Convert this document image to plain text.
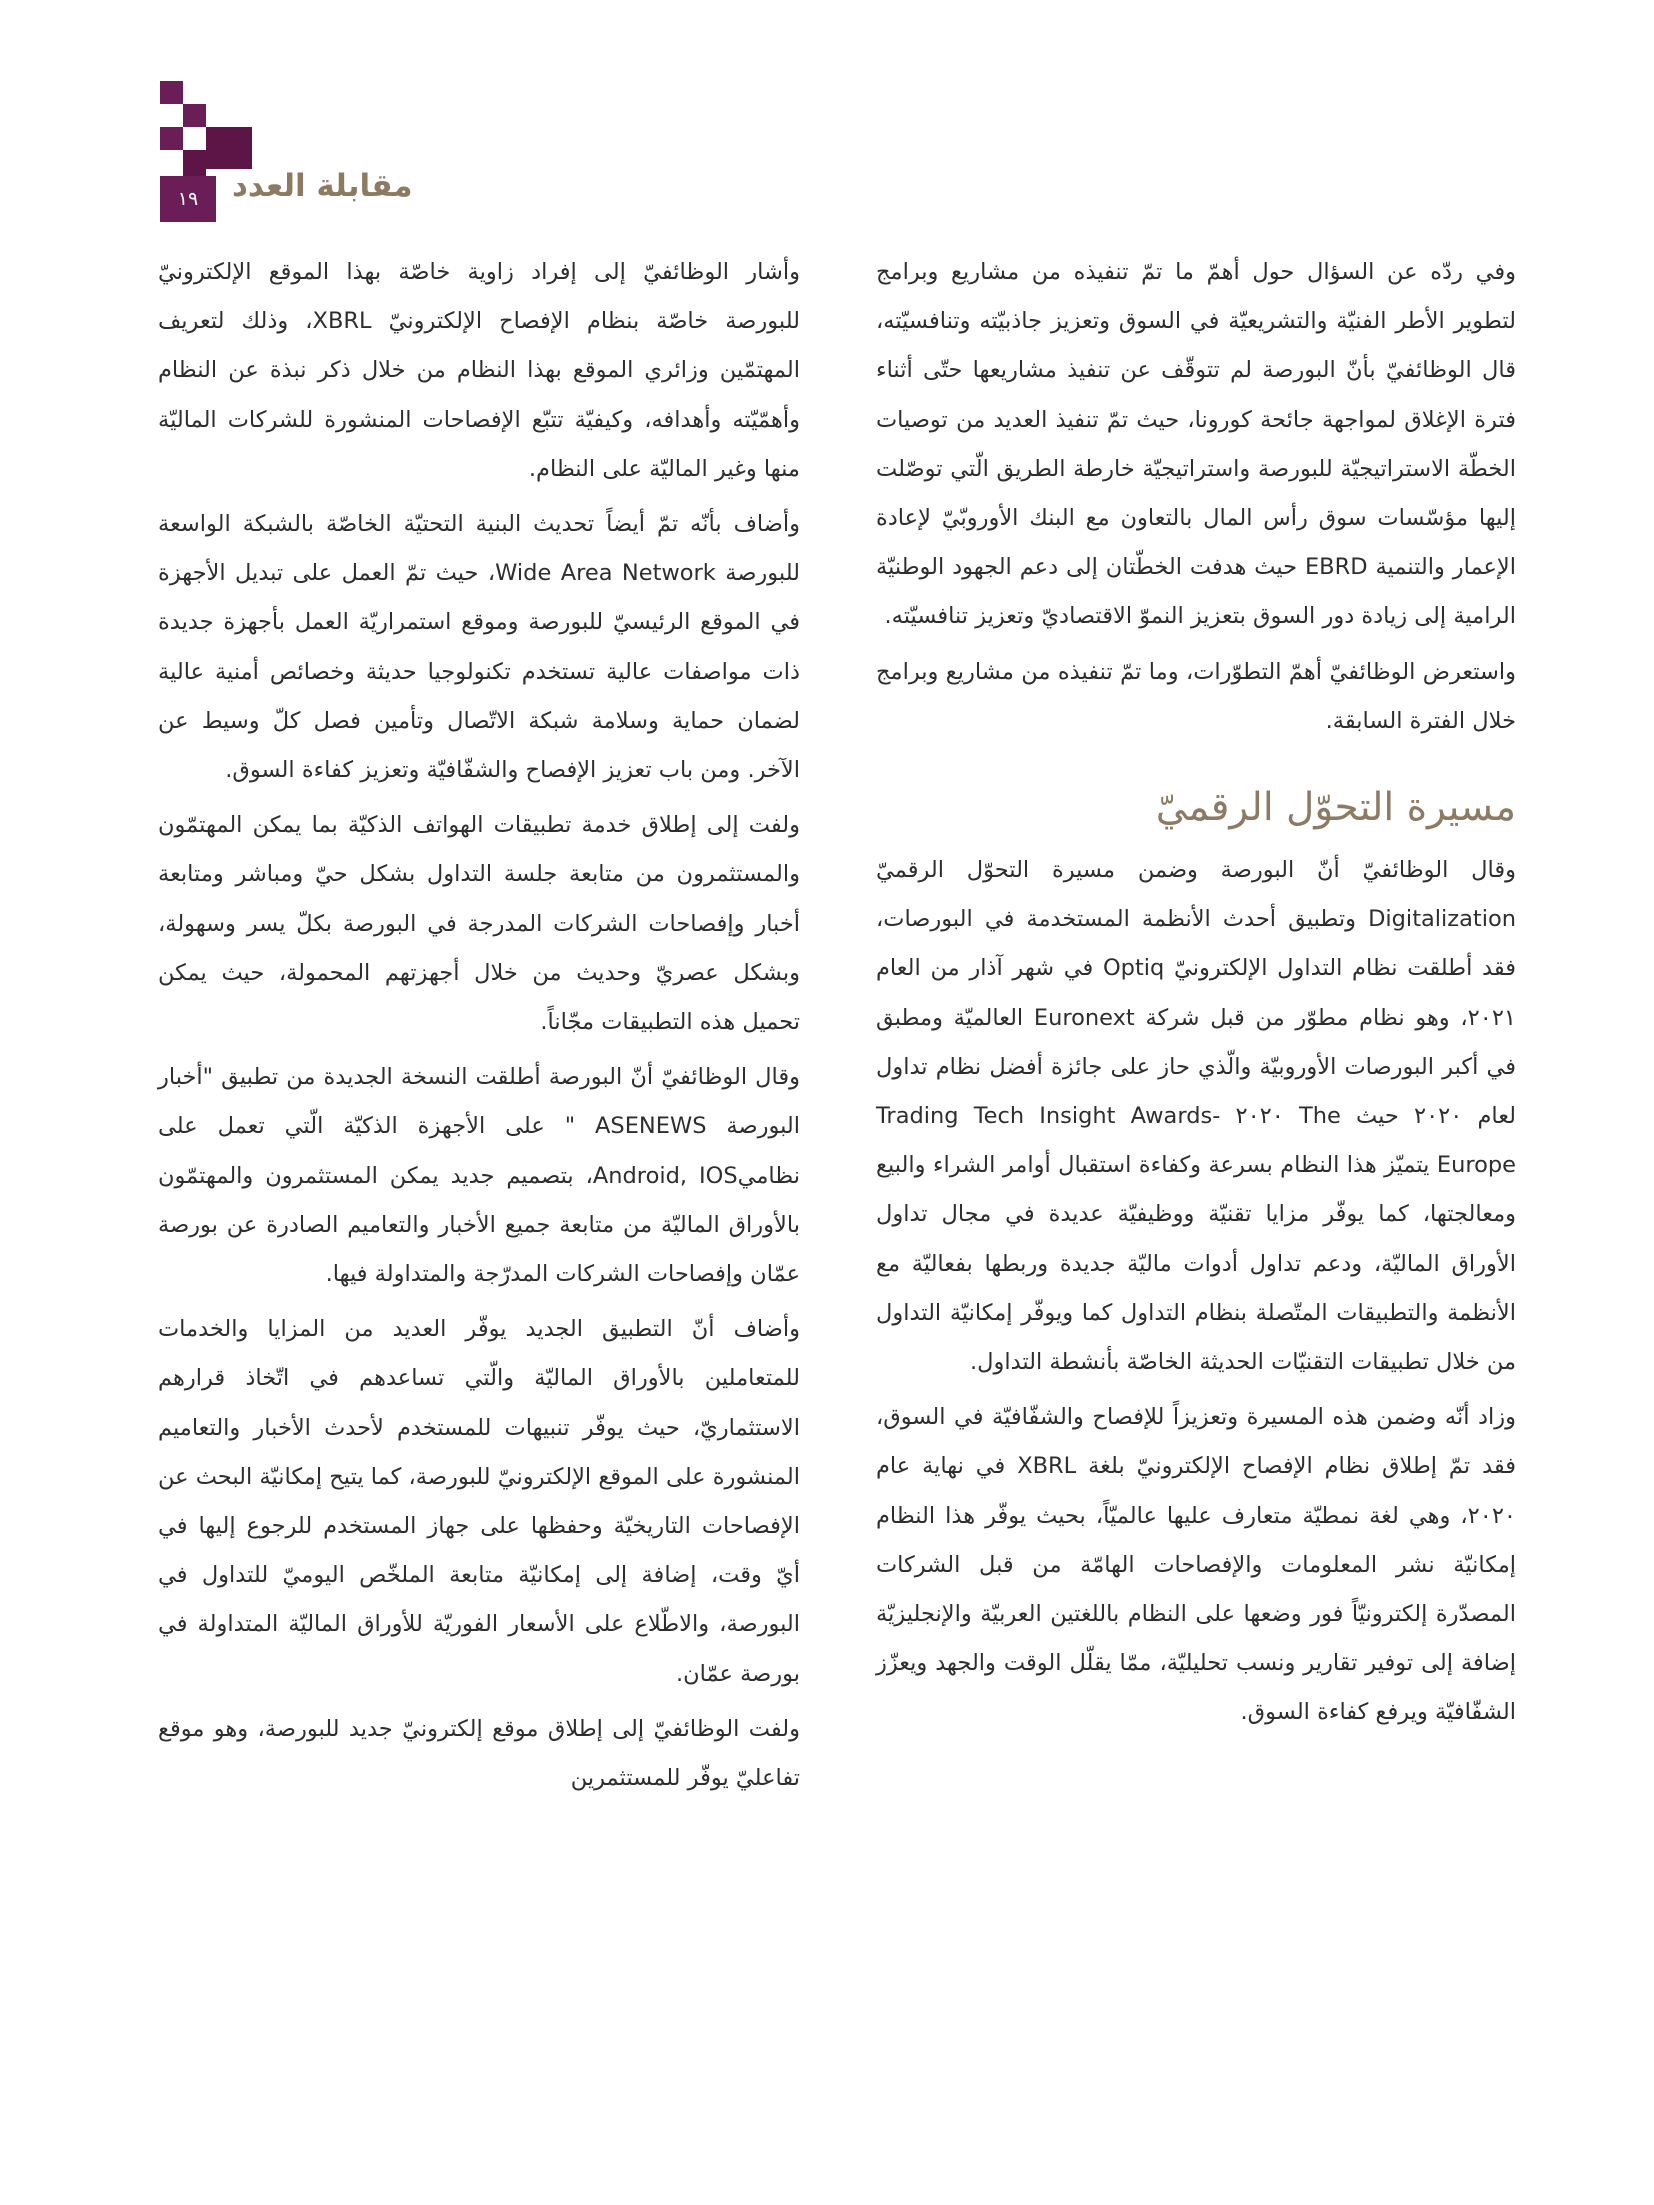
١٩	مقابلة العدد

وفي ردّه عن السؤال حول أهمّ ما تمّ تنفيذه من مشاريع وبرامج لتطوير الأطر الفنيّة والتشريعيّة في السوق وتعزيز جاذبيّته وتنافسيّته، قال الوظائفيّ بأنّ البورصة لم تتوقّف عن تنفيذ مشاريعها حتّى أثناء فترة الإغلاق لمواجهة جائحة كورونا، حيث تمّ تنفيذ العديد من توصيات الخطّة الاستراتيجيّة للبورصة واستراتيجيّة خارطة الطريق الّتي توصّلت إليها مؤسّسات سوق رأس المال بالتعاون مع البنك الأوروبّيّ لإعادة الإعمار والتنمية EBRD حيث هدفت الخطّتان إلى دعم الجهود الوطنيّة الرامية إلى زيادة دور السوق بتعزيز النموّ الاقتصاديّ وتعزيز تنافسيّته.

واستعرض الوظائفيّ أهمّ التطوّرات، وما تمّ تنفيذه من مشاريع وبرامج خلال الفترة السابقة.

مسيرة التحوّل الرقميّ

وقال الوظائفيّ أنّ البورصة وضمن مسيرة التحوّل الرقميّ Digitalization وتطبيق أحدث الأنظمة المستخدمة في البورصات، فقد أطلقت نظام التداول الإلكترونيّ Optiq في شهر آذار من العام ٢٠٢١، وهو نظام مطوّر من قبل شركة Euronext العالميّة ومطبق في أكبر البورصات الأوروبيّة والّذي حاز على جائزة أفضل نظام تداول لعام ٢٠٢٠ حيث The ٢٠٢٠ Trading Tech Insight Awards- Europe يتميّز هذا النظام بسرعة وكفاءة استقبال أوامر الشراء والبيع ومعالجتها، كما يوفّر مزايا تقنيّة ووظيفيّة عديدة في مجال تداول الأوراق الماليّة، ودعم تداول أدوات ماليّة جديدة وربطها بفعاليّة مع الأنظمة والتطبيقات المتّصلة بنظام التداول كما ويوفّر إمكانيّة التداول من خلال تطبيقات التقنيّات الحديثة الخاصّة بأنشطة التداول.

وزاد أنّه وضمن هذه المسيرة وتعزيزاً للإفصاح والشفّافيّة في السوق، فقد تمّ إطلاق نظام الإفصاح الإلكترونيّ بلغة XBRL في نهاية عام ٢٠٢٠، وهي لغة نمطيّة متعارف عليها عالميّاً، بحيث يوفّر هذا النظام إمكانيّة نشر المعلومات والإفصاحات الهامّة من قبل الشركات المصدّرة إلكترونيّاً فور وضعها على النظام باللغتين العربيّة والإنجليزيّة إضافة إلى توفير تقارير ونسب تحليليّة، ممّا يقلّل الوقت والجهد ويعزّز الشفّافيّة ويرفع كفاءة السوق.

وأشار الوظائفيّ إلى إفراد زاوية خاصّة بهذا الموقع الإلكترونيّ للبورصة خاصّة بنظام الإفصاح الإلكترونيّ XBRL، وذلك لتعريف المهتمّين وزائري الموقع بهذا النظام من خلال ذكر نبذة عن النظام وأهمّيّته وأهدافه، وكيفيّة تتبّع الإفصاحات المنشورة للشركات الماليّة منها وغير الماليّة على النظام.

وأضاف بأنّه تمّ أيضاً تحديث البنية التحتيّة الخاصّة بالشبكة الواسعة للبورصة Wide Area Network، حيث تمّ العمل على تبديل الأجهزة في الموقع الرئيسيّ للبورصة وموقع استمراريّة العمل بأجهزة جديدة ذات مواصفات عالية تستخدم تكنولوجيا حديثة وخصائص أمنية عالية لضمان حماية وسلامة شبكة الاتّصال وتأمين فصل كلّ وسيط عن الآخر. ومن باب تعزيز الإفصاح والشفّافيّة وتعزيز كفاءة السوق.

ولفت إلى إطلاق خدمة تطبيقات الهواتف الذكيّة بما يمكن المهتمّون والمستثمرون من متابعة جلسة التداول بشكل حيّ ومباشر ومتابعة أخبار وإفصاحات الشركات المدرجة في البورصة بكلّ يسر وسهولة، وبشكل عصريّ وحديث من خلال أجهزتهم المحمولة، حيث يمكن تحميل هذه التطبيقات مجّاناً.

وقال الوظائفيّ أنّ البورصة أطلقت النسخة الجديدة من تطبيق "أخبار البورصة ASENEWS " على الأجهزة الذكيّة الّتي تعمل على نظاميAndroid, IOS، بتصميم جديد يمكن المستثمرون والمهتمّون بالأوراق الماليّة من متابعة جميع الأخبار والتعاميم الصادرة عن بورصة عمّان وإفصاحات الشركات المدرّجة والمتداولة فيها.

وأضاف أنّ التطبيق الجديد يوفّر العديد من المزايا والخدمات للمتعاملين بالأوراق الماليّة والّتي تساعدهم في اتّخاذ قرارهم الاستثماريّ، حيث يوفّر تنبيهات للمستخدم لأحدث الأخبار والتعاميم المنشورة على الموقع الإلكترونيّ للبورصة، كما يتيح إمكانيّة البحث عن الإفصاحات التاريخيّة وحفظها على جهاز المستخدم للرجوع إليها في أيّ وقت، إضافة إلى إمكانيّة متابعة الملخّص اليوميّ للتداول في البورصة، والاطّلاع على الأسعار الفوريّة للأوراق الماليّة المتداولة في بورصة عمّان.

ولفت الوظائفيّ إلى إطلاق موقع إلكترونيّ جديد للبورصة، وهو موقع تفاعليّ يوفّر للمستثمرين
